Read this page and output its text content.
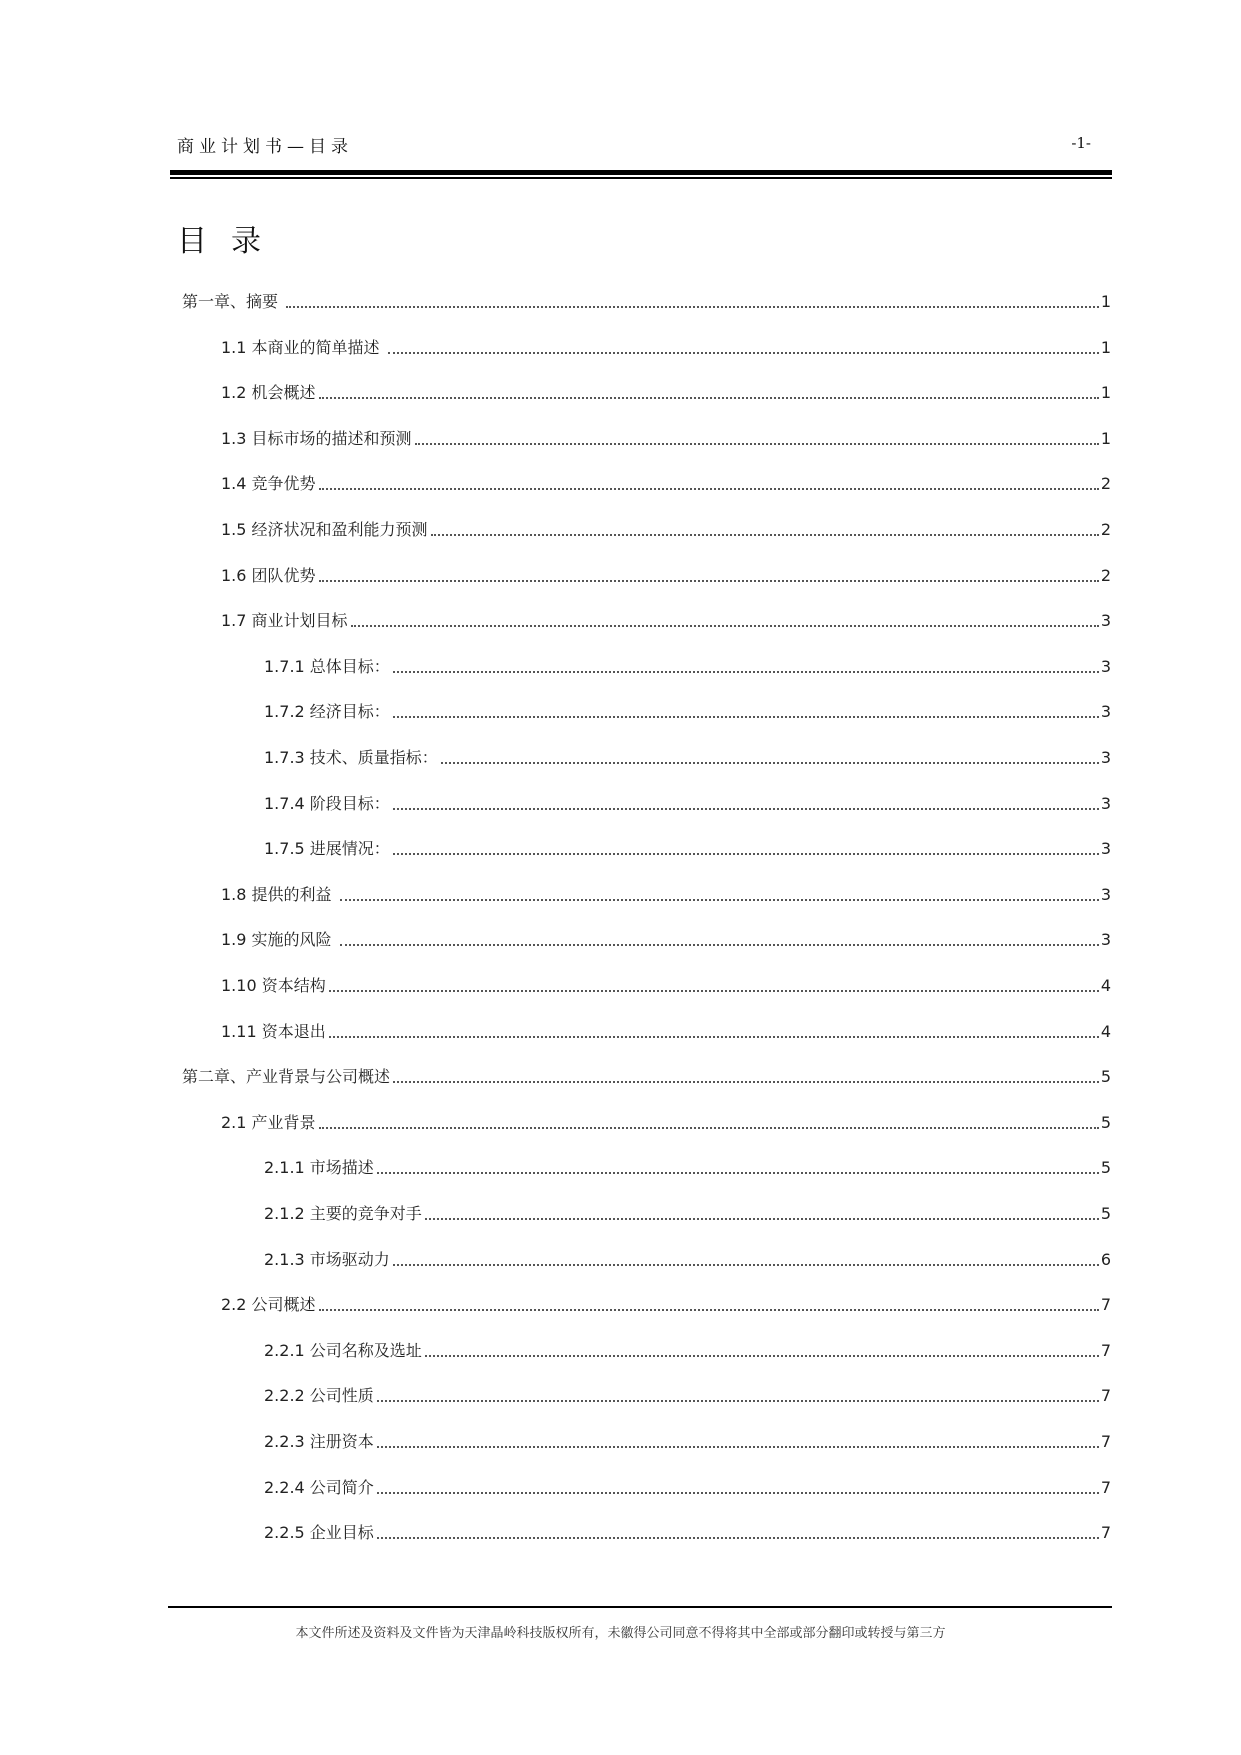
商业计划书—目录	-1-
目录
第一章、摘要	1
1.1 本商业的简单描述	1
1.2 机会概述	1
1.3 目标市场的描述和预测	1
1.4 竞争优势	2
1.5 经济状况和盈利能力预测	2
1.6 团队优势	2
1.7 商业计划目标	3
1.7.1 总体目标：	3
1.7.2 经济目标：	3
1.7.3 技术、质量指标：	3
1.7.4 阶段目标：	3
1.7.5 进展情况：	3
1.8 提供的利益	3
1.9 实施的风险	3
1.10 资本结构	4
1.11 资本退出	4
第二章、产业背景与公司概述	5
2.1 产业背景	5
2.1.1 市场描述	5
2.1.2 主要的竞争对手	5
2.1.3 市场驱动力	6
2.2 公司概述	7
2.2.1 公司名称及选址	7
2.2.2 公司性质	7
2.2.3 注册资本	7
2.2.4 公司简介	7
2.2.5 企业目标	7
本文件所述及资料及文件皆为天津晶岭科技版权所有，未徽得公司同意不得将其中全部或部分翻印或转授与第三方
